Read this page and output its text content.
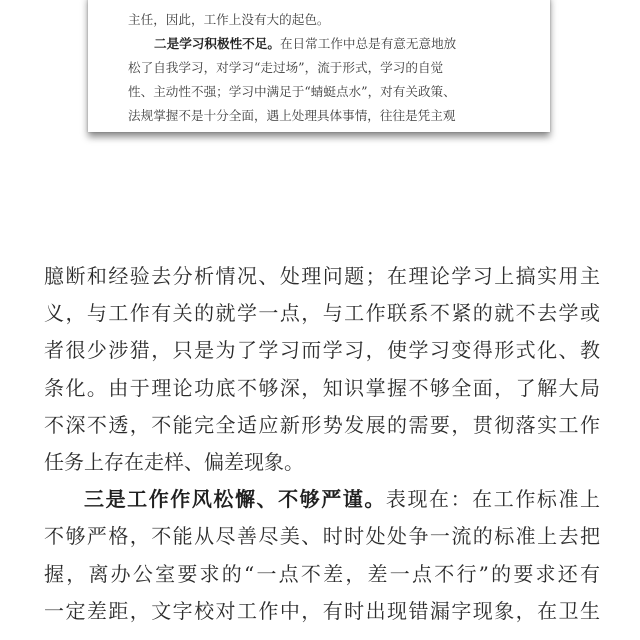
主任，因此，工作上没有大的起色。
二是学习积极性不足。在日常工作中总是有意无意地放
松了自我学习，对学习“走过场”，流于形式，学习的自觉
性、主动性不强；学习中满足于“蜻蜓点水”，对有关政策、
法规掌握不是十分全面，遇上处理具体事情，往往是凭主观
臆断和经验去分析情况、处理问题；在理论学习上搞实用主
义，与工作有关的就学一点，与工作联系不紧的就不去学或
者很少涉猎，只是为了学习而学习，使学习变得形式化、教
条化。由于理论功底不够深，知识掌握不够全面，了解大局
不深不透，不能完全适应新形势发展的需要，贯彻落实工作
任务上存在走样、偏差现象。
三是工作作风松懈、不够严谨。表现在：在工作标准上
不够严格，不能从尽善尽美、时时处处争一流的标准上去把
握，离办公室要求的“一点不差，差一点不行”的要求还有
一定差距，文字校对工作中，有时出现错漏字现象，在卫生
